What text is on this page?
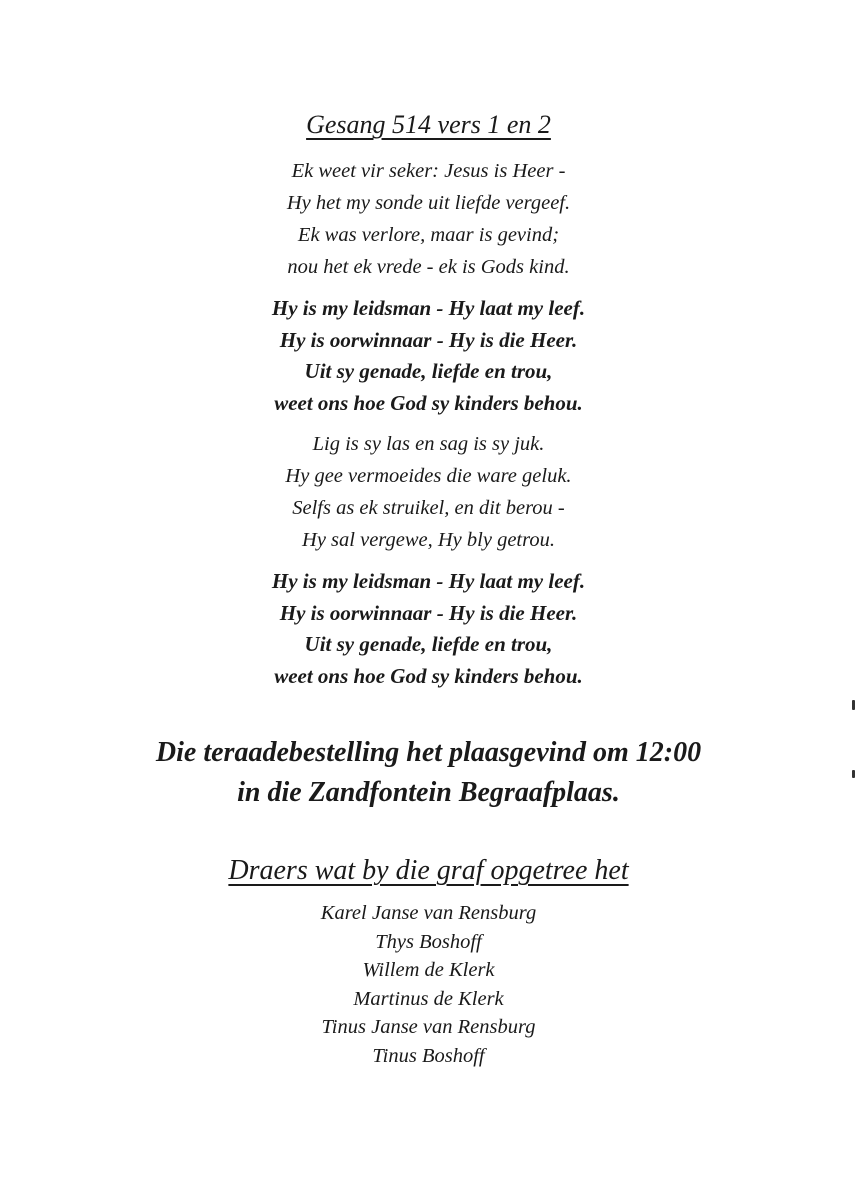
Gesang 514 vers 1 en 2
Ek weet vir seker: Jesus is Heer -
Hy het my sonde uit liefde vergeef.
Ek was verlore, maar is gevind;
nou het ek vrede - ek is Gods kind.
Hy is my leidsman - Hy laat my leef.
Hy is oorwinnaar - Hy is die Heer.
Uit sy genade, liefde en trou,
weet ons hoe God sy kinders behou.
Lig is sy las en sag is sy juk.
Hy gee vermoeides die ware geluk.
Selfs as ek struikel, en dit berou -
Hy sal vergewe, Hy bly getrou.
Hy is my leidsman - Hy laat my leef.
Hy is oorwinnaar - Hy is die Heer.
Uit sy genade, liefde en trou,
weet ons hoe God sy kinders behou.
Die teraadebestelling het plaasgevind om 12:00
in die Zandfontein Begraafplaas.
Draers wat by die graf opgetree het
Karel Janse van Rensburg
Thys Boshoff
Willem de Klerk
Martinus de Klerk
Tinus Janse van Rensburg
Tinus Boshoff
